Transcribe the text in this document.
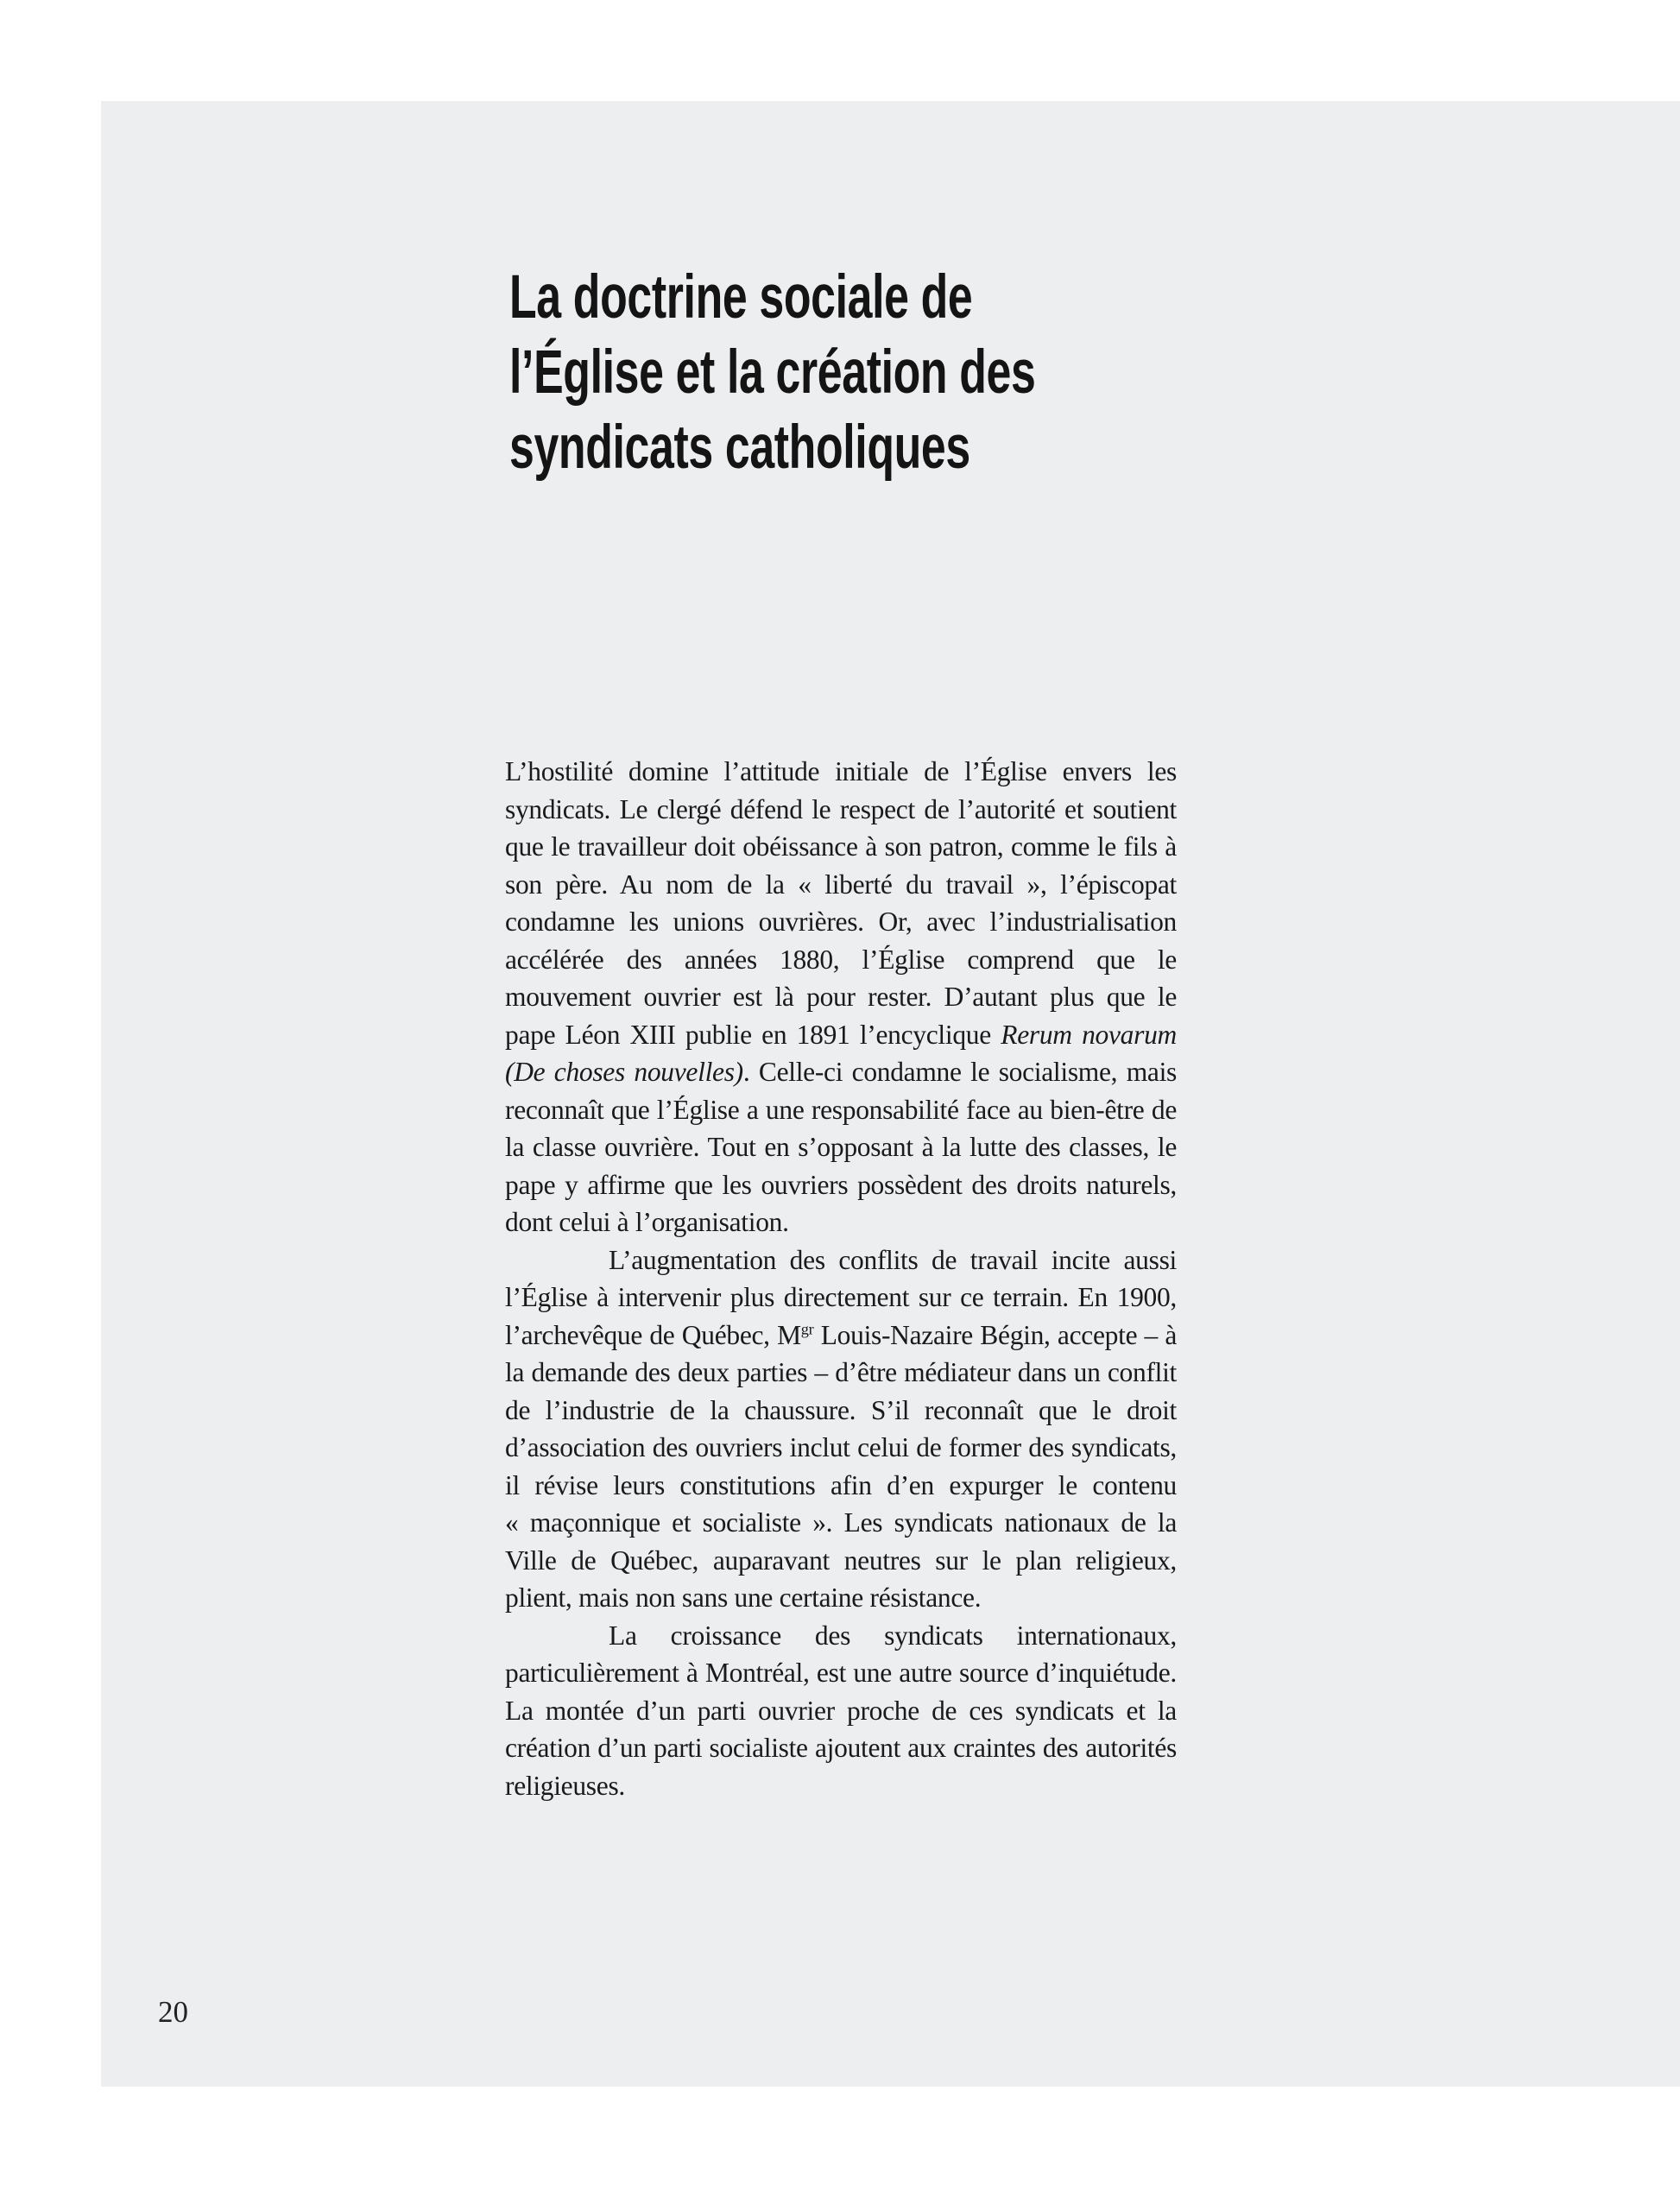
La doctrine sociale de
l’Église et la création des
syndicats catholiques

L’hostilité domine l’attitude initiale de l’Église envers les syndicats. Le clergé défend le respect de l’autorité et soutient que le travailleur doit obéissance à son patron, comme le fils à son père. Au nom de la « liberté du travail », l’épiscopat condamne les unions ouvrières. Or, avec l’industrialisation accélérée des années 1880, l’Église comprend que le mouvement ouvrier est là pour rester. D’autant plus que le pape Léon XIII publie en 1891 l’encyclique Rerum novarum (De choses nouvelles). Celle-ci condamne le socialisme, mais reconnaît que l’Église a une responsabilité face au bien-être de la classe ouvrière. Tout en s’opposant à la lutte des classes, le pape y affirme que les ouvriers possèdent des droits naturels, dont celui à l’organisation.

L’augmentation des conflits de travail incite aussi l’Église à intervenir plus directement sur ce terrain. En 1900, l’archevêque de Québec, $M^{gr}$ Louis-Nazaire Bégin, accepte – à la demande des deux parties – d’être médiateur dans un conflit de l’industrie de la chaussure. S’il reconnaît que le droit d’association des ouvriers inclut celui de former des syndicats, il révise leurs constitutions afin d’en expurger le contenu « maçonnique et socialiste ». Les syndicats nationaux de la Ville de Québec, auparavant neutres sur le plan religieux, plient, mais non sans une certaine résistance.

La croissance des syndicats internationaux, particulièrement à Montréal, est une autre source d’inquiétude. La montée d’un parti ouvrier proche de ces syndicats et la création d’un parti socialiste ajoutent aux craintes des autorités religieuses.

20
